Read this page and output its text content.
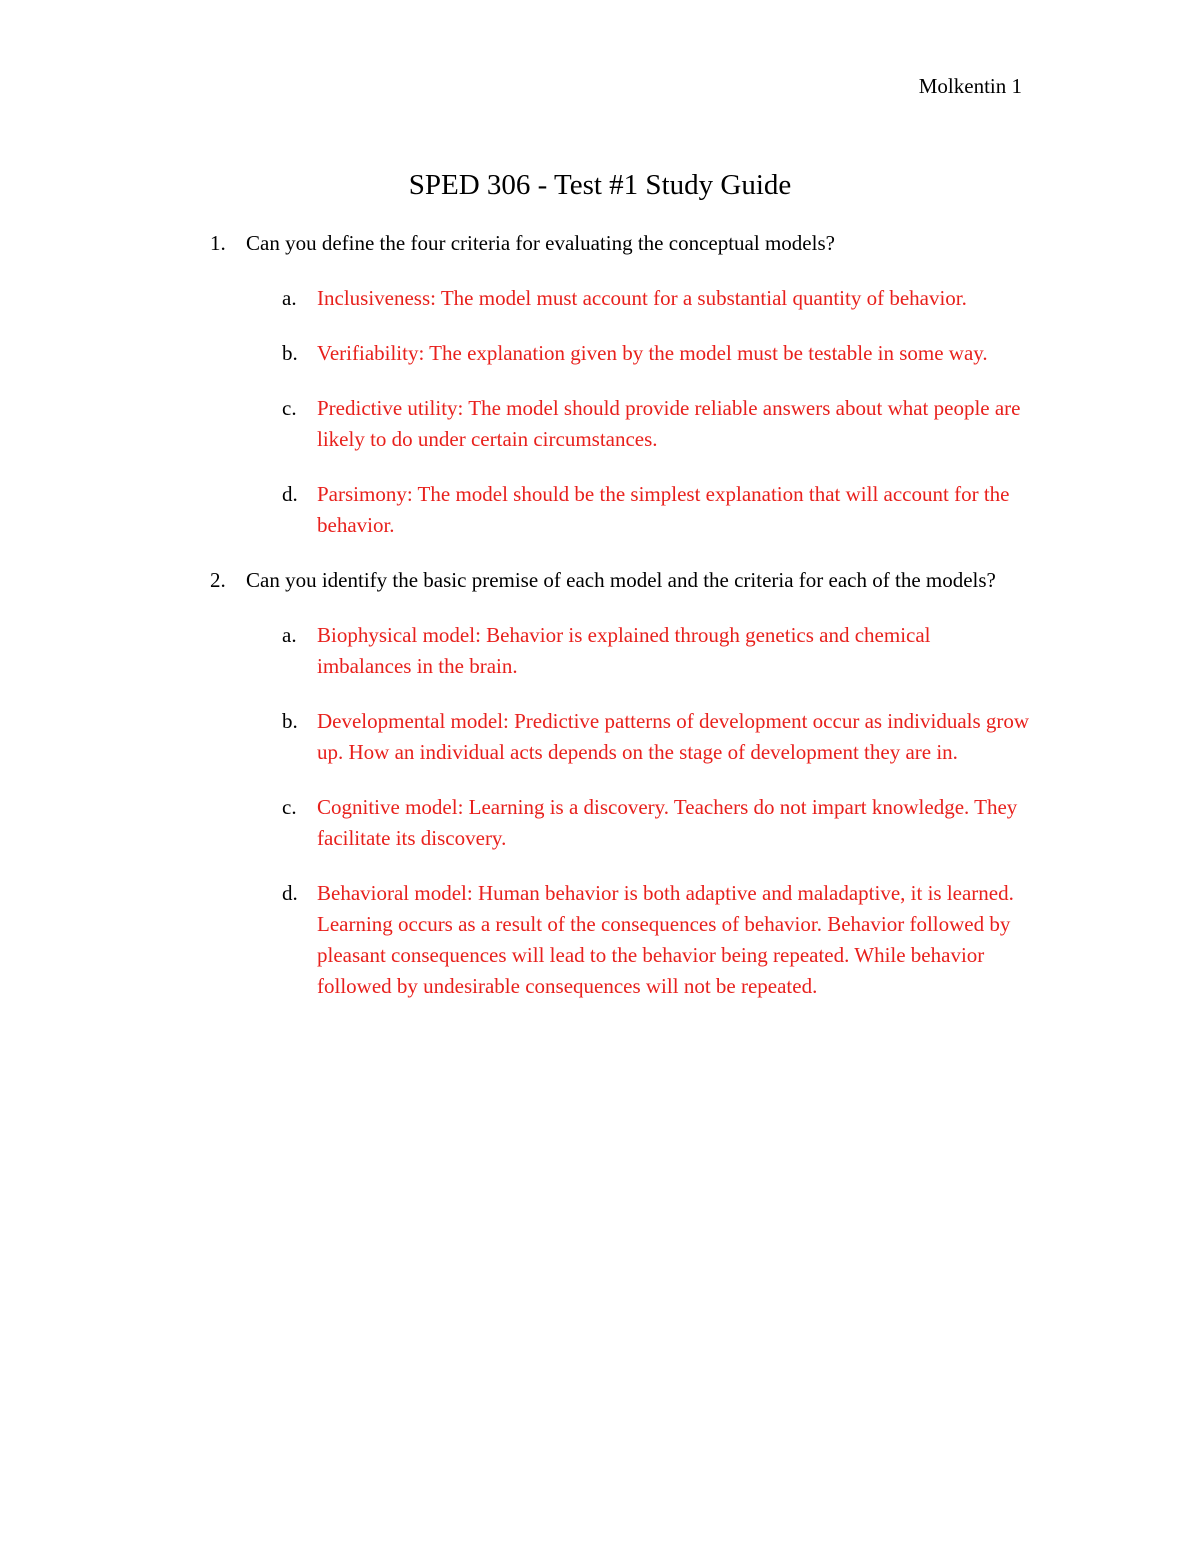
Molkentin 1
SPED 306 - Test #1 Study Guide
1. Can you define the four criteria for evaluating the conceptual models?
a. Inclusiveness: The model must account for a substantial quantity of behavior.
b. Verifiability: The explanation given by the model must be testable in some way.
c. Predictive utility: The model should provide reliable answers about what people are likely to do under certain circumstances.
d. Parsimony: The model should be the simplest explanation that will account for the behavior.
2. Can you identify the basic premise of each model and the criteria for each of the models?
a. Biophysical model: Behavior is explained through genetics and chemical imbalances in the brain.
b. Developmental model: Predictive patterns of development occur as individuals grow up. How an individual acts depends on the stage of development they are in.
c. Cognitive model: Learning is a discovery. Teachers do not impart knowledge. They facilitate its discovery.
d. Behavioral model: Human behavior is both adaptive and maladaptive, it is learned. Learning occurs as a result of the consequences of behavior. Behavior followed by pleasant consequences will lead to the behavior being repeated. While behavior followed by undesirable consequences will not be repeated.
